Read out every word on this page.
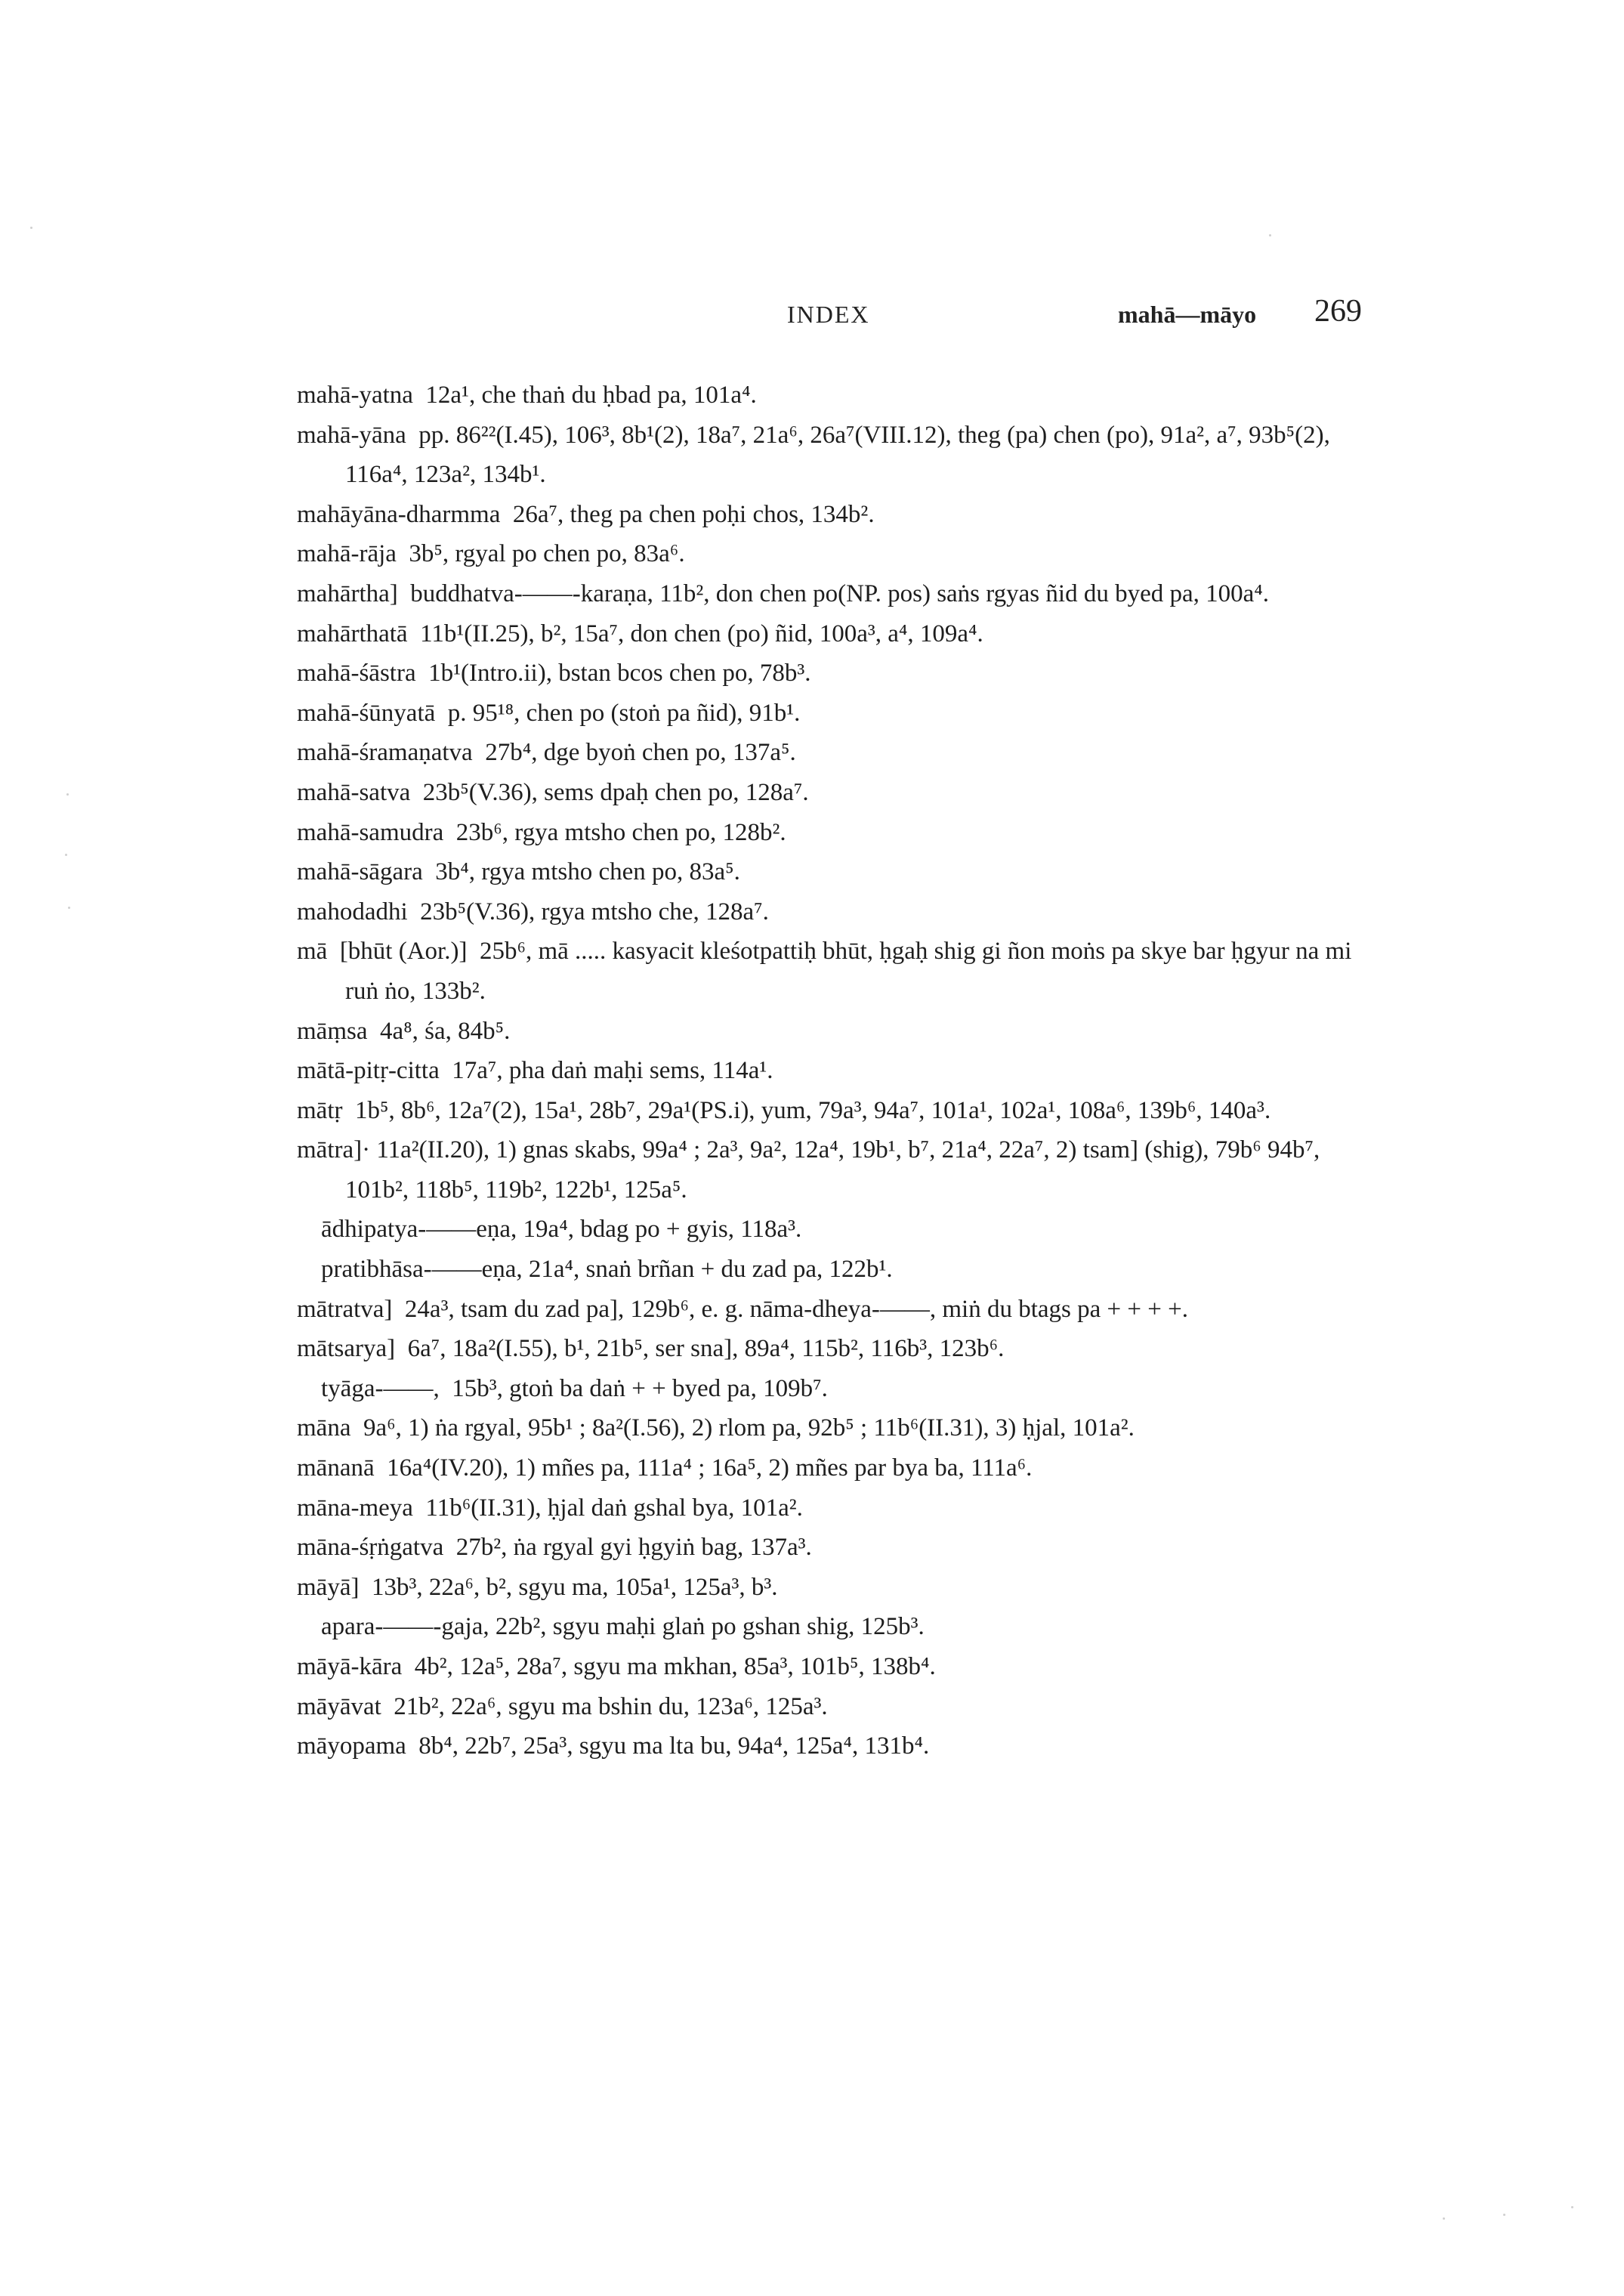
INDEX	mahā—māyo 269
mahā-yatna  12a¹, che thaṅ du ḥbad pa, 101a⁴.
mahā-yāna  pp. 86²²(I.45), 106³, 8b¹(2), 18a⁷, 21a⁶, 26a⁷(VIII.12), theg (pa) chen (po), 91a², a⁷, 93b⁵(2), 116a⁴, 123a², 134b¹.
mahāyāna-dharmma  26a⁷, theg pa chen poḥi chos, 134b².
mahā-rāja  3b⁵, rgyal po chen po, 83a⁶.
mahārtha]  buddhatva-——-karaṇa, 11b², don chen po(NP. pos) saṅs rgyas ñid du byed pa, 100a⁴.
mahārthatā  11b¹(II.25), b², 15a⁷, don chen (po) ñid, 100a³, a⁴, 109a⁴.
mahā-śāstra  1b¹(Intro.ii), bstan bcos chen po, 78b³.
mahā-śūnyatā  p. 95¹⁸, chen po (stoṅ pa ñid), 91b¹.
mahā-śramaṇatva  27b⁴, dge byoṅ chen po, 137a⁵.
mahā-satva  23b⁵(V.36), sems dpaḥ chen po, 128a⁷.
mahā-samudra  23b⁶, rgya mtsho chen po, 128b².
mahā-sāgara  3b⁴, rgya mtsho chen po, 83a⁵.
mahodadhi  23b⁵(V.36), rgya mtsho che, 128a⁷.
mā  [bhūt (Aor.)]  25b⁶, mā ..... kasyacit kleśotpattiḥ bhūt, ḥgaḥ shig gi ñon moṅs pa skye bar ḥgyur na mi ruṅ ṅo, 133b².
māṃsa  4a⁸, śa, 84b⁵.
mātā-pitṛ-citta  17a⁷, pha daṅ maḥi sems, 114a¹.
mātṛ  1b⁵, 8b⁶, 12a⁷(2), 15a¹, 28b⁷, 29a¹(PS.i), yum, 79a³, 94a⁷, 101a¹, 102a¹, 108a⁶, 139b⁶, 140a³.
mātra]· 11a²(II.20), 1) gnas skabs, 99a⁴ ; 2a³, 9a², 12a⁴, 19b¹, b⁷, 21a⁴, 22a⁷, 2) tsam] (shig), 79b⁶ 94b⁷, 101b², 118b⁵, 119b², 122b¹, 125a⁵.
ādhipatya-——eṇa, 19a⁴, bdag po + gyis, 118a³.
pratibhāsa-——eṇa, 21a⁴, snaṅ brñan + du zad pa, 122b¹.
mātratva]  24a³, tsam du zad pa], 129b⁶, e. g. nāma-dheya-——, miṅ du btags pa + + + +.
mātsarya]  6a⁷, 18a²(I.55), b¹, 21b⁵, ser sna], 89a⁴, 115b², 116b³, 123b⁶.
tyāga-——,  15b³, gtoṅ ba daṅ + + byed pa, 109b⁷.
māna  9a⁶, 1) ṅa rgyal, 95b¹ ; 8a²(I.56), 2) rlom pa, 92b⁵ ; 11b⁶(II.31), 3) ḥjal, 101a².
mānanā  16a⁴(IV.20), 1) mñes pa, 111a⁴ ; 16a⁵, 2) mñes par bya ba, 111a⁶.
māna-meya  11b⁶(II.31), ḥjal daṅ gshal bya, 101a².
māna-śṛṅgatva  27b², ṅa rgyal gyi ḥgyiṅ bag, 137a³.
māyā]  13b³, 22a⁶, b², sgyu ma, 105a¹, 125a³, b³.
apara-——-gaja, 22b², sgyu maḥi glaṅ po gshan shig, 125b³.
māyā-kāra  4b², 12a⁵, 28a⁷, sgyu ma mkhan, 85a³, 101b⁵, 138b⁴.
māyāvat  21b², 22a⁶, sgyu ma bshin du, 123a⁶, 125a³.
māyopama  8b⁴, 22b⁷, 25a³, sgyu ma lta bu, 94a⁴, 125a⁴, 131b⁴.
